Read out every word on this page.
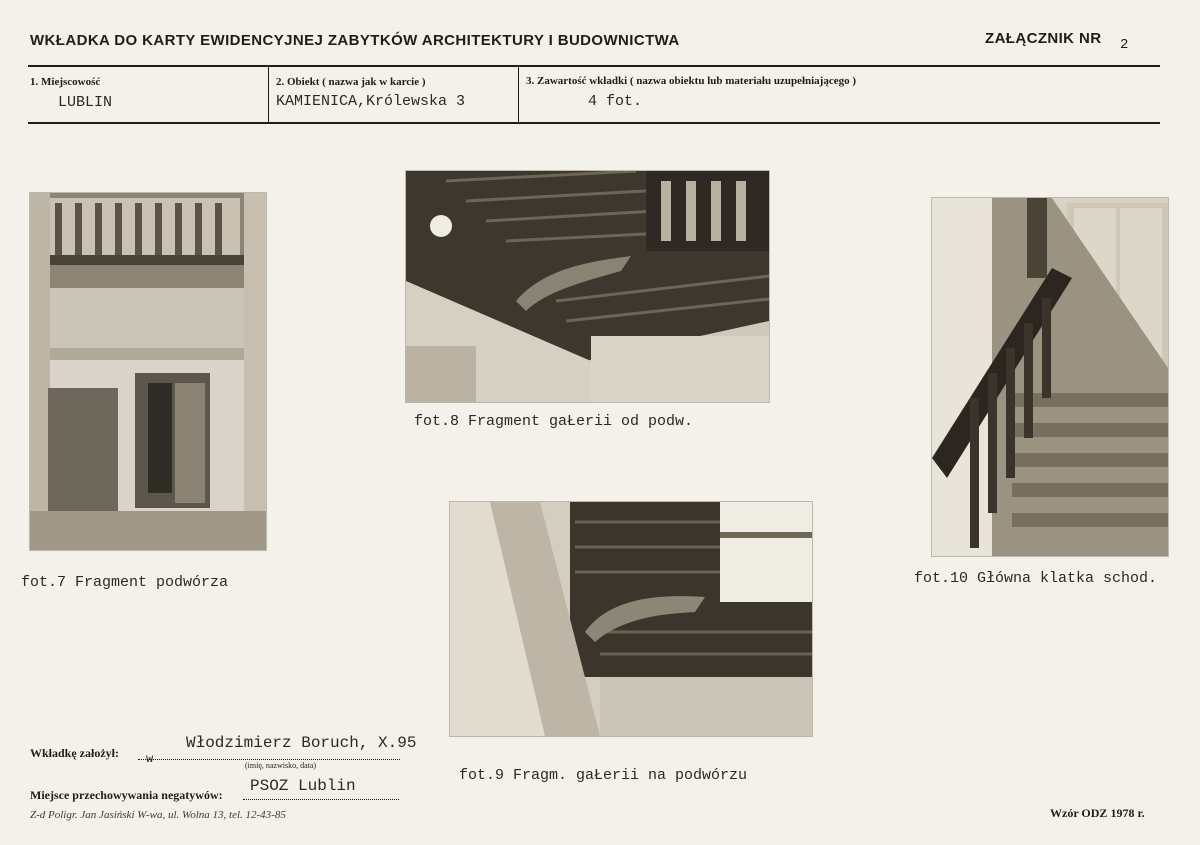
WKŁADKA DO KARTY EWIDENCYJNEJ ZABYTKÓW ARCHITEKTURY I BUDOWNICTWA	ZAŁĄCZNIK NR 2
1. Miejscowość
LUBLIN
2. Obiekt ( nazwa jak w karcie )
KAMIENICA,Królewska 3
3. Zawartość wkładki ( nazwa obiektu lub materiału uzupełniającego )
4 fot.
fot.7 Fragment podwórza
fot.8 Fragment gaŁerii od podw.
fot.9 Fragm. gaŁerii na podwórzu
fot.10 Główna klatka schod.
Wkładkę założył: w
Włodzimierz Boruch, X.95
(imię, nazwisko, data)
Miejsce przechowywania negatywów: PSOZ Lublin
Z-d Poligr. Jan Jasiński W-wa, ul. Wolna 13, tel. 12-43-85	Wzór ODZ 1978 r.
